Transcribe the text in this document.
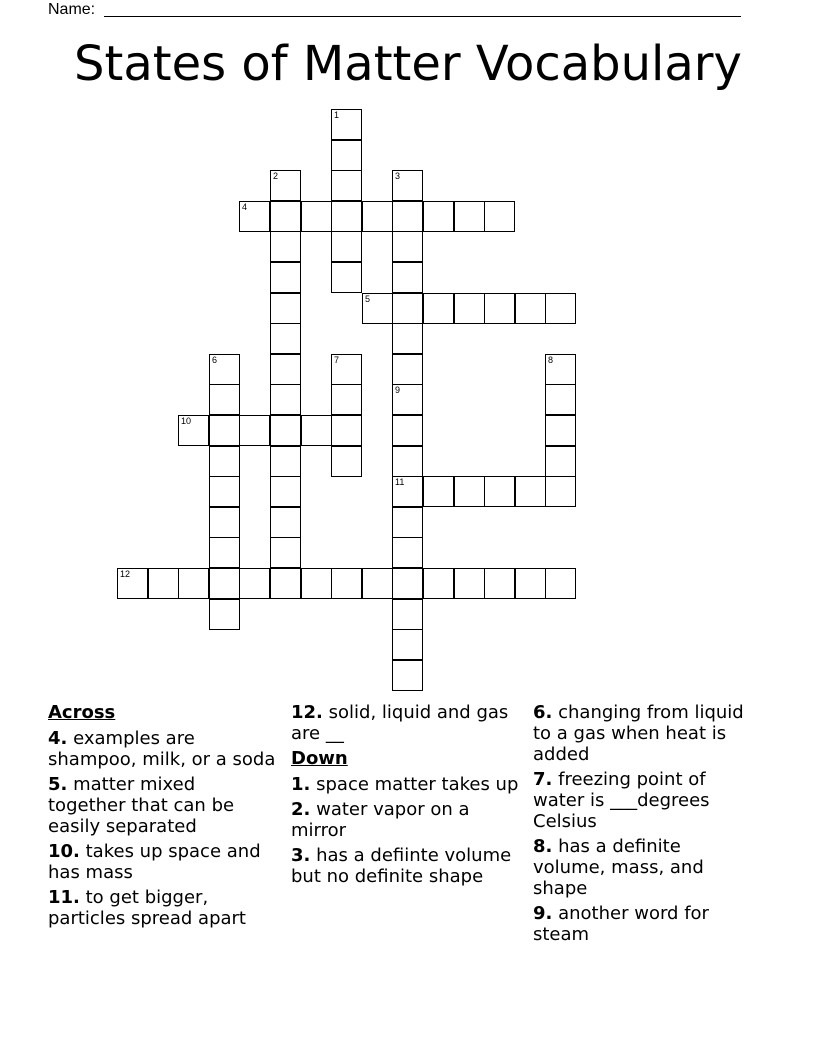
Name:
States of Matter Vocabulary
1
2	3
4
5
6	7	8
9
11
10
12
Across
4. examples are shampoo, milk, or a soda
5. matter mixed together that can be easily separated
10. takes up space and has mass
11. to get bigger, particles spread apart
12. solid, liquid and gas are __
Down
1. space matter takes up
2. water vapor on a mirror
3. has a defiinte volume but no definite shape
6. changing from liquid to a gas when heat is added
7. freezing point of water is ___degrees Celsius
8. has a definite volume, mass, and shape
9. another word for steam
